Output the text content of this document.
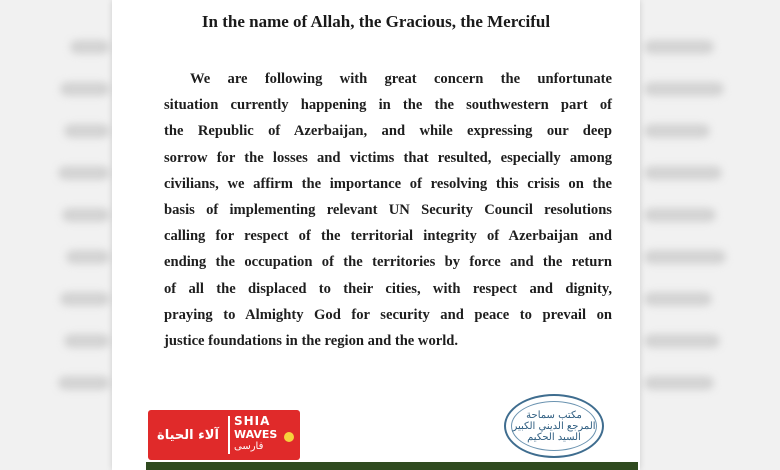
In the name of Allah, the Gracious, the Merciful
We are following with great concern the unfortunate
situation currently happening in the the southwestern part of
the Republic of Azerbaijan, and while expressing our deep
sorrow for the losses and victims that resulted, especially among
civilians, we affirm the importance of resolving this crisis on the
basis of implementing relevant UN Security Council resolutions
calling for respect of the territorial integrity of Azerbaijan and
ending the occupation of the territories by force and the return
of all the displaced to their cities, with respect and dignity,
praying to Almighty God for security and peace to prevail on
justice foundations in the region and the world.
آلاء الحياة
SHIA
WAVES
فارسی
مكتب سماحة المرجع الديني الكبير السيد الحكيم
